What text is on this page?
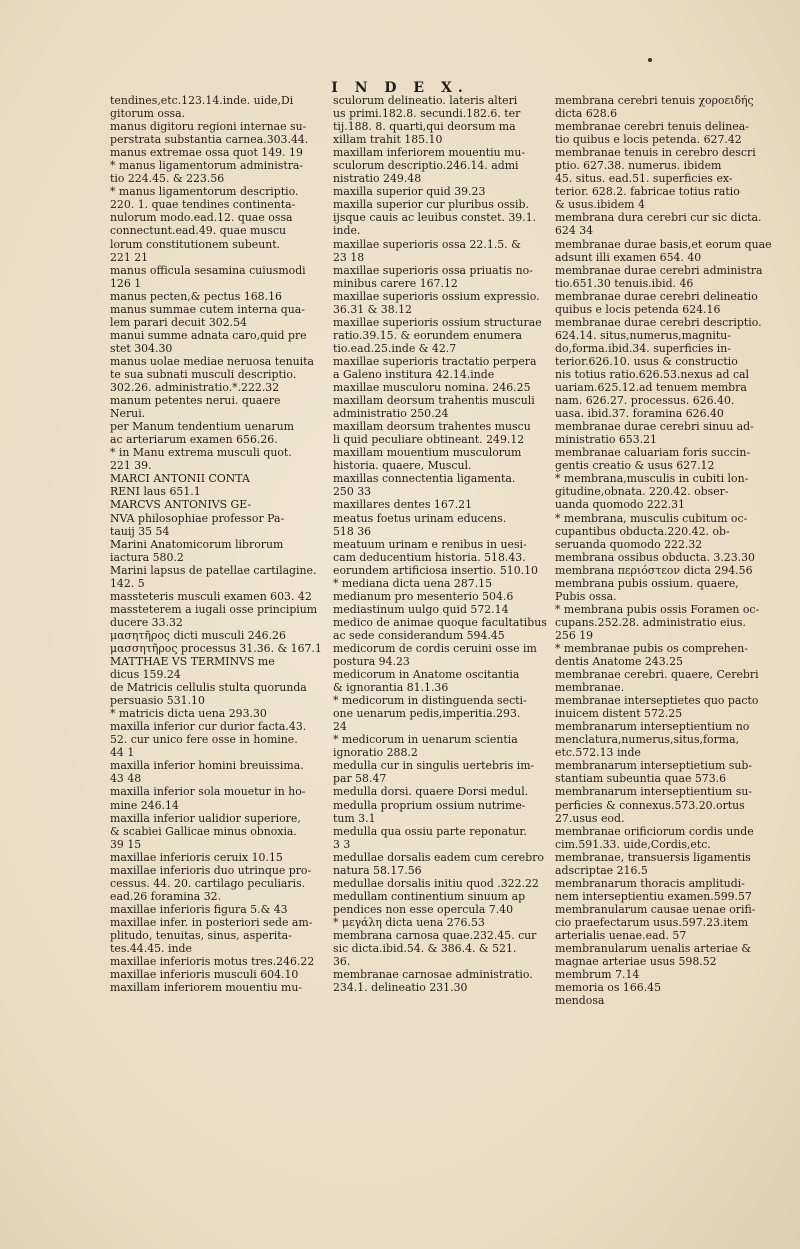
I N D E X.
tendines,etc.123.14.inde. uide,Di
gitorum ossa.
manus digitoru regioni internae su-
perstrata substantia carnea.303.44.
manus extremae ossa quot 149. 19
* manus ligamentorum administra-
tio 224.45. & 223.56
* manus ligamentorum descriptio.
220. 1. quae tendines continenta-
nulorum modo.ead.12. quae ossa
connectunt.ead.49. quae muscu
lorum constitutionem subeunt.
221 21
manus officula sesamina cuiusmodi
126 1
manus pecten,& pectus 168.16
manus summae cutem interna qua-
lem parari decuit 302.54
manui summe adnata caro,quid pre
stet 304.30
manus uolae mediae neruosa tenuita
te sua subnati musculi descriptio.
302.26. administratio.*.222.32
manum petentes nerui. quaere
Nerui.
per Manum tendentium uenarum
ac arteriarum examen 656.26.
* in Manu extrema musculi quot.
221 39.
MARCI ANTONII CONTA
RENI laus 651.1
MARCVS ANTONIVS GE-
NVA philosophiae professor Pa-
tauij 35 54
Marini Anatomicorum librorum
iactura 580.2
Marini lapsus de patellae cartilagine.
142. 5
massteteris musculi examen 603. 42
massteterem a iugali osse principium
ducere 33.32
μασητῆρος dicti musculi 246.26
μασσητῆρος processus 31.36. & 167.1
MATTHAE VS TERMINVS me
dicus 159.24
de Matricis cellulis stulta quorunda
persuasio 531.10
* matricis dicta uena 293.30
maxilla inferior cur durior facta.43.
52. cur unico fere osse in homine.
44 1
maxilla inferior homini breuissima.
43 48
maxilla inferior sola mouetur in ho-
mine 246.14
maxilla inferior ualidior superiore,
& scabiei Gallicae minus obnoxia.
39 15
maxillae inferioris ceruix 10.15
maxillae inferioris duo utrinque pro-
cessus. 44. 20. cartilago peculiaris.
ead.26 foramina 32.
maxillae inferioris figura 5.& 43
maxillae infer. in posteriori sede am-
plitudo, tenuitas, sinus, asperita-
tes.44.45. inde
maxillae inferioris motus tres.246.22
maxillae inferioris musculi 604.10
maxillam inferiorem mouentiu mu-
sculorum delineatio. lateris alteri
us primi.182.8. secundi.182.6. ter
tij.188. 8. quarti,qui deorsum ma
xillam trahit 185.10
maxillam inferiorem mouentiu mu-
sculorum descriptio.246.14. admi
nistratio 249.48
maxilla superior quid 39.23
maxilla superior cur pluribus ossib.
ijsque cauis ac leuibus constet. 39.1.
inde.
maxillae superioris ossa 22.1.5. &
23 18
maxillae superioris ossa priuatis no-
minibus carere 167.12
maxillae superioris ossium expressio.
36.31 & 38.12
maxillae superioris ossium structurae
ratio.39.15. & eorundem enumera
tio.ead.25.inde & 42.7
maxillae superioris tractatio perpera
a Galeno institura 42.14.inde
maxillae musculoru nomina. 246.25
maxillam deorsum trahentis musculi
administratio 250.24
maxillam deorsum trahentes muscu
li quid peculiare obtineant. 249.12
maxillam mouentium musculorum
historia. quaere, Muscul.
maxillas connectentia ligamenta.
250 33
maxillares dentes 167.21
meatus foetus urinam educens.
518 36
meatuum urinam e renibus in uesi-
cam deducentium historia. 518.43.
eorundem artificiosa insertio. 510.10
* mediana dicta uena 287.15
medianum pro mesenterio 504.6
mediastinum uulgo quid 572.14
medico de animae quoque facultatibus
ac sede considerandum 594.45
medicorum de cordis ceruini osse im
postura 94.23
medicorum in Anatome oscitantia
& ignorantia 81.1.36
* medicorum in distinguenda secti-
one uenarum pedis,imperitia.293.
24
* medicorum in uenarum scientia
ignoratio 288.2
medulla cur in singulis uertebris im-
par 58.47
medulla dorsi. quaere Dorsi medul.
medulla proprium ossium nutrime-
tum 3.1
medulla qua ossiu parte reponatur.
3 3
medullae dorsalis eadem cum cerebro
natura 58.17.56
medullae dorsalis initiu quod .322.22
medullam continentium sinuum ap
pendices non esse opercula 7.40
* μεγάλη dicta uena 276.53
membrana carnosa quae.232.45. cur
sic dicta.ibid.54. & 386.4. & 521.
36.
membranae carnosae administratio.
234.1. delineatio 231.30
membrana cerebri tenuis χοροειδής
dicta 628.6
membranae cerebri tenuis delinea-
tio quibus e locis petenda. 627.42
membranae tenuis in cerebro descri
ptio. 627.38. numerus. ibidem
45. situs. ead.51. superficies ex-
terior. 628.2. fabricae totius ratio
& usus.ibidem 4
membrana dura cerebri cur sic dicta.
624 34
membranae durae basis,et eorum quae
adsunt illi examen 654. 40
membranae durae cerebri administra
tio.651.30 tenuis.ibid. 46
membranae durae cerebri delineatio
quibus e locis petenda 624.16
membranae durae cerebri descriptio.
624.14. situs,numerus,magnitu-
do,forma.ibid.34. superficies in-
terior.626.10. usus & constructio
nis totius ratio.626.53.nexus ad cal
uariam.625.12.ad tenuem membra
nam. 626.27. processus. 626.40.
uasa. ibid.37. foramina 626.40
membranae durae cerebri sinuu ad-
ministratio 653.21
membranae caluariam foris succin-
gentis creatio & usus 627.12
* membrana,musculis in cubiti lon-
gitudine,obnata. 220.42. obser-
uanda quomodo 222.31
* membrana, musculis cubitum oc-
cupantibus obducta.220.42. ob-
seruanda quomodo 222.32
membrana ossibus obducta. 3.23.30
membrana περιόστεον dicta 294.56
membrana pubis ossium. quaere,
Pubis ossa.
* membrana pubis ossis Foramen oc-
cupans.252.28. administratio eius.
256 19
* membranae pubis os comprehen-
dentis Anatome 243.25
membranae cerebri. quaere, Cerebri
membranae.
membranae interseptietes quo pacto
inuicem distent 572.25
membranarum interseptientium no
menclatura,numerus,situs,forma,
etc.572.13 inde
membranarum interseptietium sub-
stantiam subeuntia quae 573.6
membranarum interseptientium su-
perficies & connexus.573.20.ortus
27.usus eod.
membranae orificiorum cordis unde
cim.591.33. uide,Cordis,etc.
membranae, transuersis ligamentis
adscriptae 216.5
membranarum thoracis amplitudi-
nem interseptientiu examen.599.57
membranularum causae uenae orifi-
cio praefectarum usus.597.23.item
arterialis uenae.ead. 57
membranularum uenalis arteriae &
magnae arteriae usus 598.52
membrum 7.14
memoria os 166.45
mendosa
